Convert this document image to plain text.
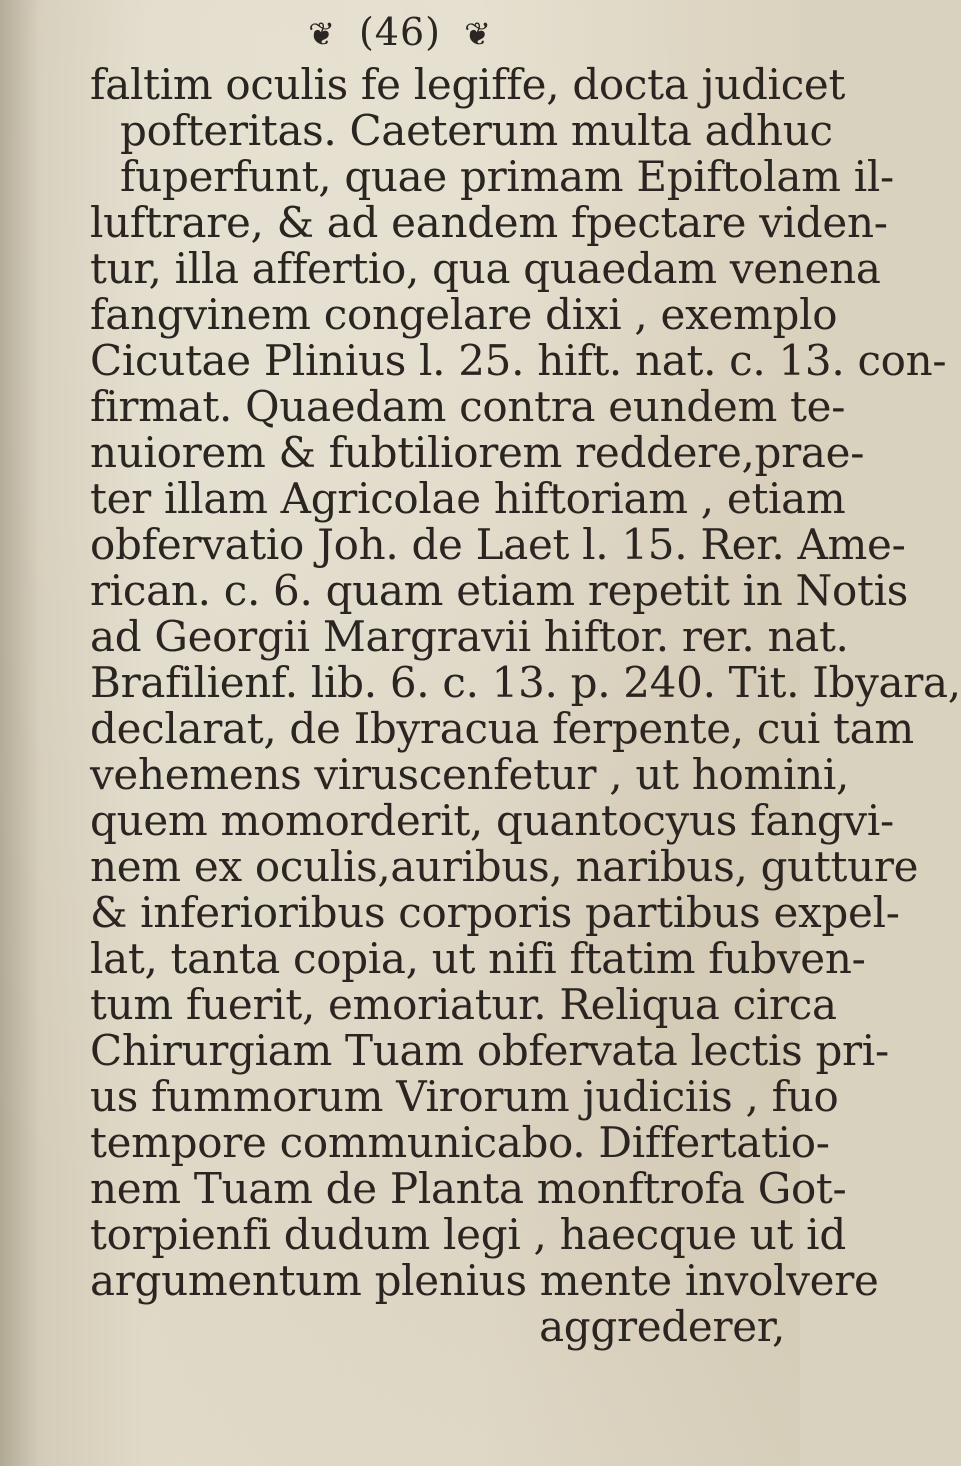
❦ (46) ❦
faltim oculis fe legiffe, docta judicet
pofteritas. Caeterum multa adhuc
fuperfunt, quae primam Epiftolam il-
luftrare, & ad eandem fpectare viden-
tur, illa affertio, qua quaedam venena
fangvinem congelare dixi , exemplo
Cicutae Plinius l. 25. hift. nat. c. 13. con-
firmat. Quaedam contra eundem te-
nuiorem & fubtiliorem reddere,prae-
ter illam Agricolae hiftoriam , etiam
obfervatio Joh. de Laet l. 15. Rer. Ame-
rican. c. 6. quam etiam repetit in Notis
ad Georgii Margravii hiftor. rer. nat.
Brafilienf. lib. 6. c. 13. p. 240. Tit. Ibyara,
declarat, de Ibyracua ferpente, cui tam
vehemens viruscenfetur , ut homini,
quem momorderit, quantocyus fangvi-
nem ex oculis,auribus, naribus, gutture
& inferioribus corporis partibus expel-
lat, tanta copia, ut nifi ftatim fubven-
tum fuerit, emoriatur. Reliqua circa
Chirurgiam Tuam obfervata lectis pri-
us fummorum Virorum judiciis , fuo
tempore communicabo. Differtatio-
nem Tuam de Planta monftrofa Got-
torpienfi dudum legi , haecque ut id
argumentum plenius mente involvere
aggrederer,
